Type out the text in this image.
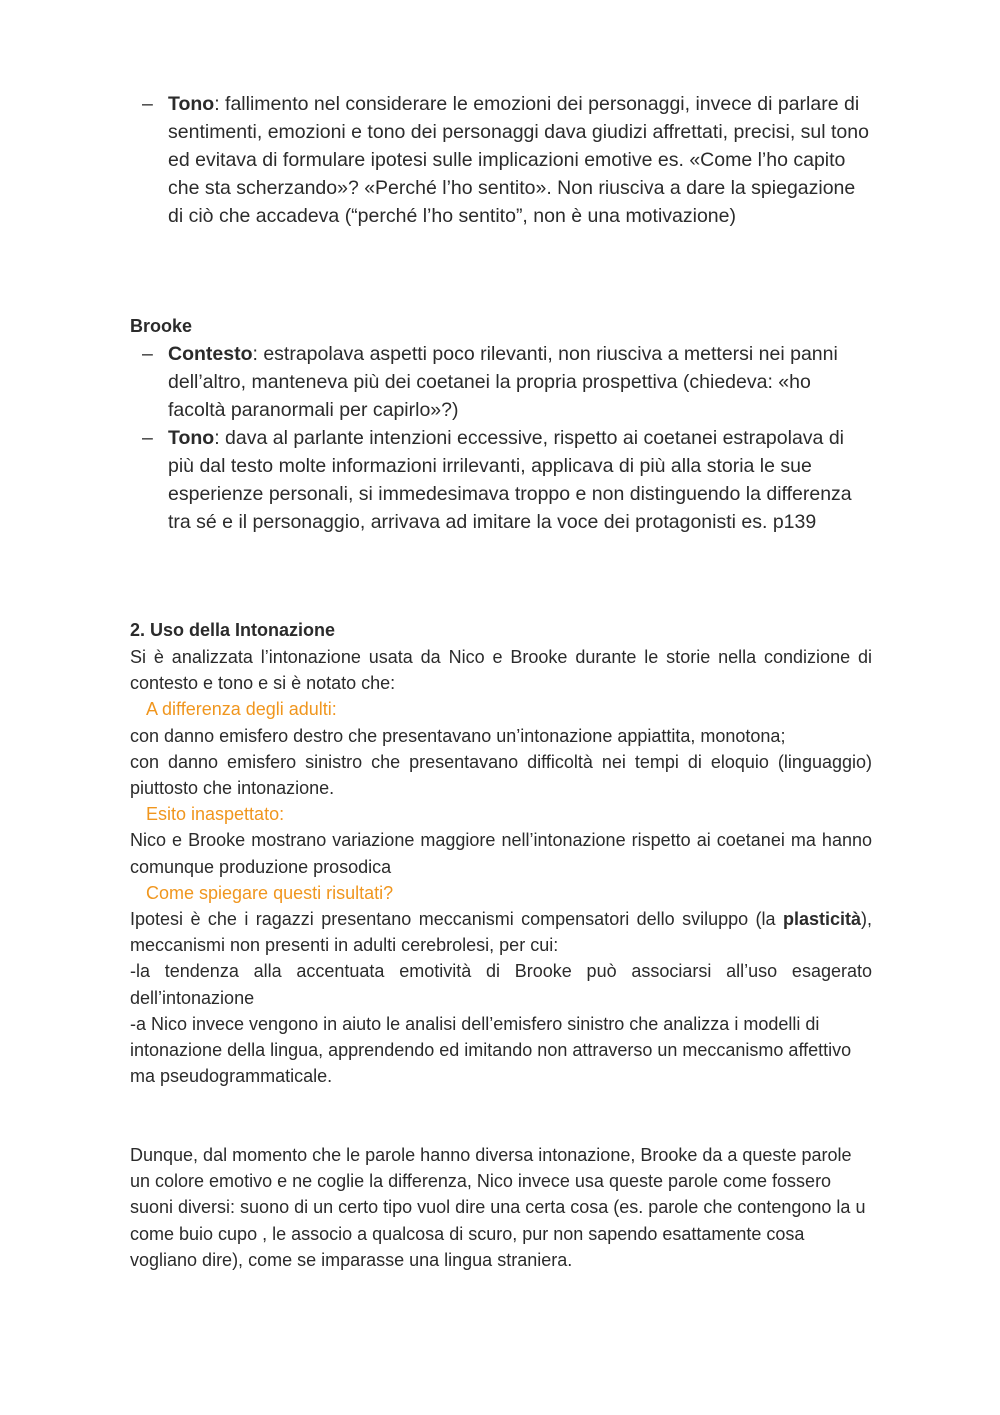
– Tono: fallimento nel considerare le emozioni dei personaggi, invece di parlare di sentimenti, emozioni e tono dei personaggi dava giudizi affrettati, precisi, sul tono ed evitava di formulare ipotesi sulle implicazioni emotive es. «Come l’ho capito che sta scherzando»? «Perché l’ho sentito». Non riusciva a dare la spiegazione di ciò che accadeva (“perché l’ho sentito”, non è una motivazione)

Brooke

– Contesto: estrapolava aspetti poco rilevanti, non riusciva a mettersi nei panni dell’altro, manteneva più dei coetanei la propria prospettiva (chiedeva: «ho facoltà paranormali per capirlo»?)
– Tono: dava al parlante intenzioni eccessive, rispetto ai coetanei estrapolava di più dal testo molte informazioni irrilevanti, applicava di più alla storia le sue esperienze personali, si immedesimava troppo e non distinguendo la differenza tra sé e il personaggio, arrivava ad imitare la voce dei protagonisti es. p139

2. Uso della Intonazione

Si è analizzata l’intonazione usata da Nico e Brooke durante le storie nella condizione di contesto e tono e si è notato che:

A differenza degli adulti:

con danno emisfero destro che presentavano un’intonazione appiattita, monotona;

con danno emisfero sinistro che presentavano difficoltà nei tempi di eloquio (linguaggio) piuttosto che intonazione.

Esito inaspettato:

Nico e Brooke mostrano variazione maggiore nell’intonazione rispetto ai coetanei ma hanno comunque produzione prosodica

Come spiegare questi risultati?

Ipotesi è che i ragazzi presentano meccanismi compensatori dello sviluppo (la plasticità), meccanismi non presenti in adulti cerebrolesi, per cui:

-la tendenza alla accentuata emotività di Brooke può associarsi all’uso esagerato dell’intonazione

-a Nico invece vengono in aiuto le analisi dell’emisfero sinistro che analizza i modelli di intonazione della lingua, apprendendo ed imitando non attraverso un meccanismo affettivo ma pseudogrammaticale.

Dunque, dal momento che le parole hanno diversa intonazione, Brooke da a queste parole un colore emotivo e ne coglie la differenza, Nico invece usa queste parole come fossero suoni diversi: suono di un certo tipo vuol dire una certa cosa (es. parole che contengono la u come buio cupo , le associo a qualcosa di scuro, pur non sapendo esattamente cosa vogliano dire), come se imparasse una lingua straniera.
